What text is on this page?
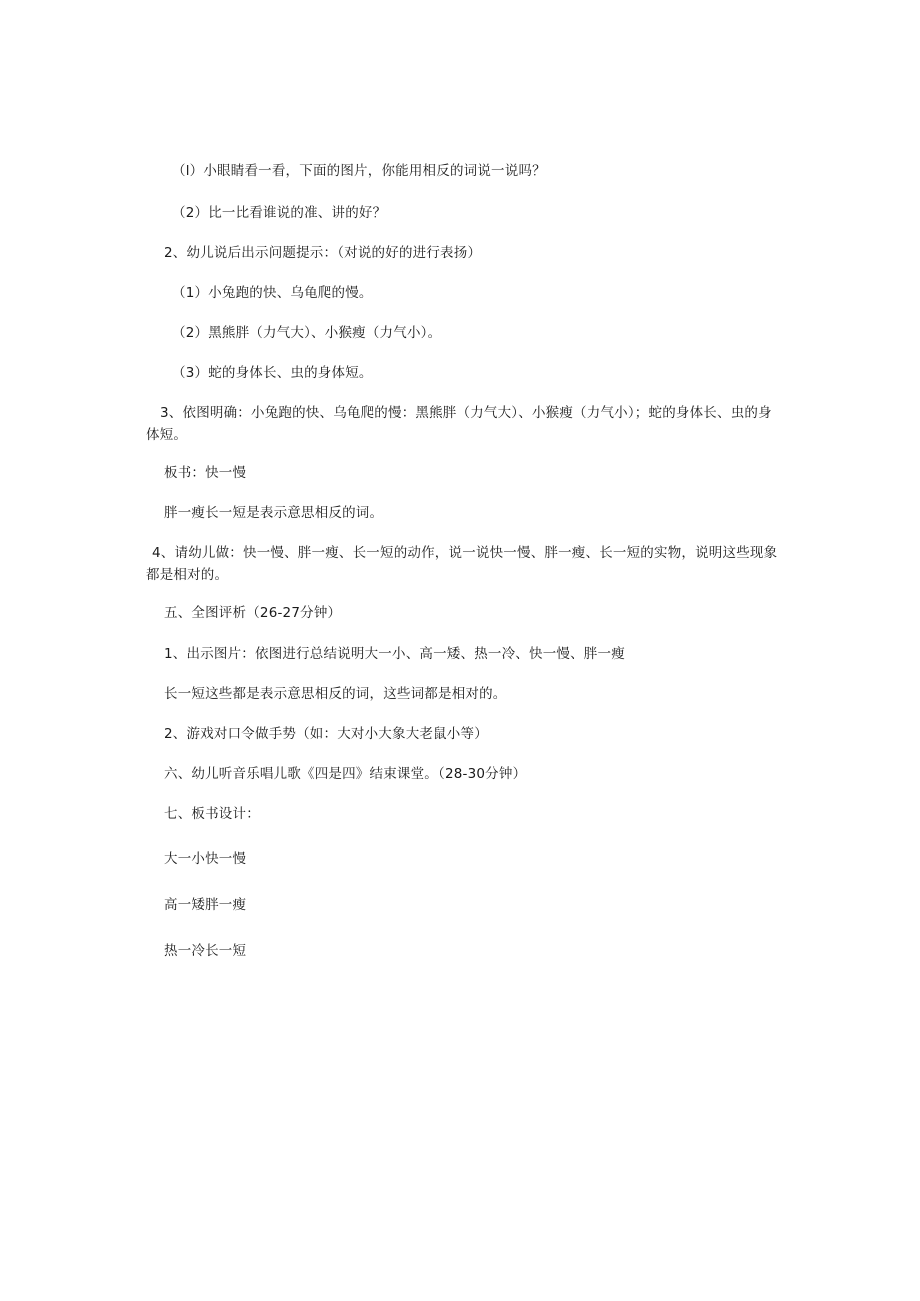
（l）小眼睛看一看，下面的图片，你能用相反的词说一说吗？
（2）比一比看谁说的准、讲的好？
2、幼儿说后出示问题提示：（对说的好的进行表扬）
（1）小兔跑的快、乌龟爬的慢。
（2）黑熊胖（力气大）、小猴瘦（力气小）。
（3）蛇的身体长、虫的身体短。
3、依图明确：小兔跑的快、乌龟爬的慢：黑熊胖（力气大）、小猴瘦（力气小）；蛇的身体长、虫的身体短。
板书：快一慢
胖一瘦长一短是表示意思相反的词。
4、请幼儿做：快一慢、胖一瘦、长一短的动作，说一说快一慢、胖一瘦、长一短的实物，说明这些现象都是相对的。
五、全图评析（26-27分钟）
1、出示图片：依图进行总结说明大一小、高一矮、热一冷、快一慢、胖一瘦
长一短这些都是表示意思相反的词，这些词都是相对的。
2、游戏对口令做手势（如：大对小大象大老鼠小等）
六、幼儿听音乐唱儿歌《四是四》结束课堂。（28-30分钟）
七、板书设计：
大一小快一慢
高一矮胖一瘦
热一冷长一短
